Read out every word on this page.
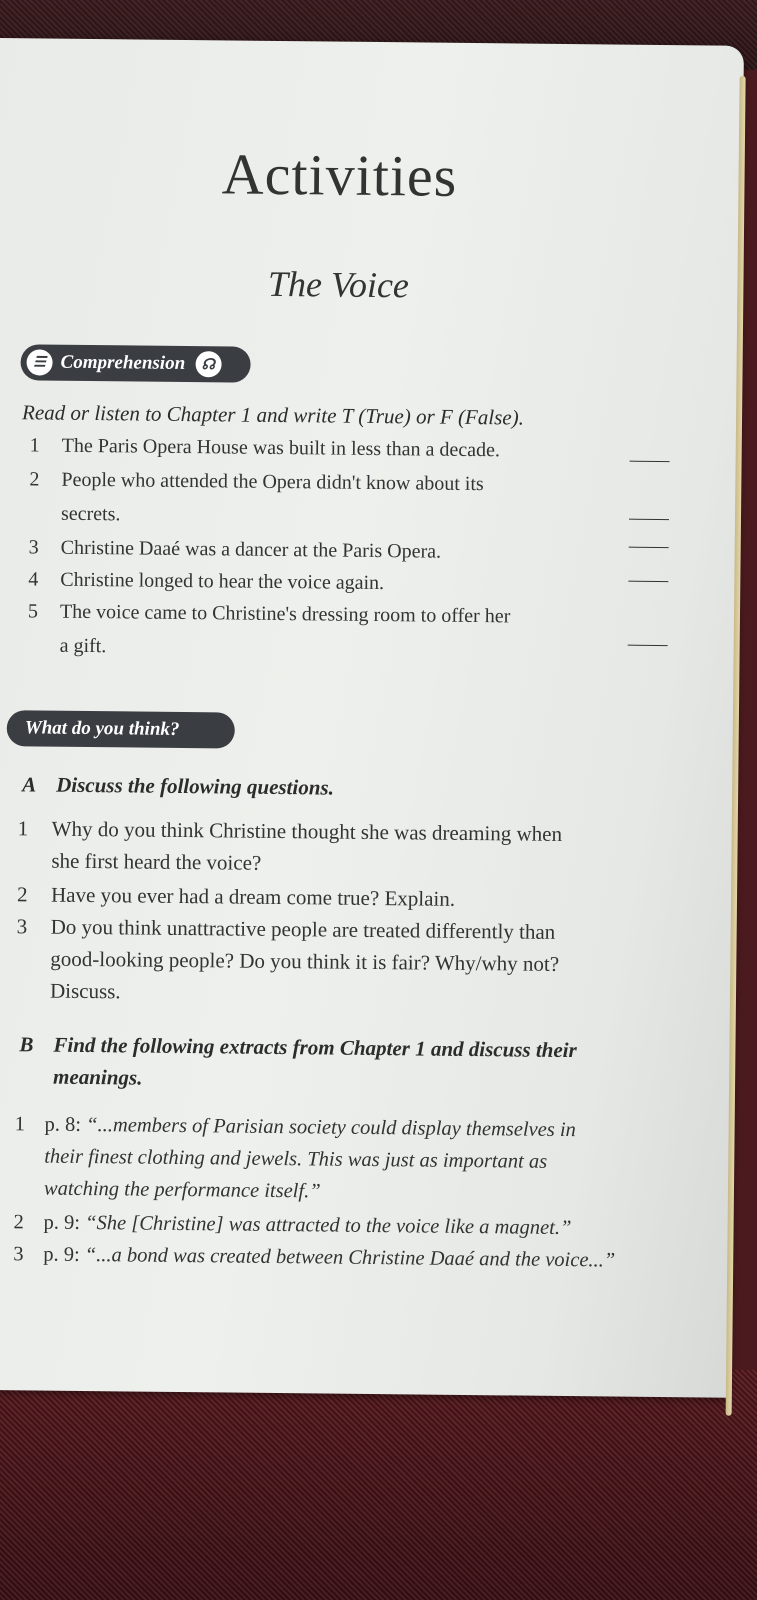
Activities
The Voice
☰ Comprehension	☊
Read or listen to Chapter 1 and write T (True) or F (False).
1 The Paris Opera House was built in less than a decade.
2 People who attended the Opera didn't know about its
secrets.
3 Christine Daaé was a dancer at the Paris Opera.
4 Christine longed to hear the voice again.
5 The voice came to Christine's dressing room to offer her
a gift.
What do you think?
A Discuss the following questions.
1 Why do you think Christine thought she was dreaming when
she first heard the voice?
2 Have you ever had a dream come true? Explain.
3 Do you think unattractive people are treated differently than
good-looking people? Do you think it is fair? Why/why not?
Discuss.
B Find the following extracts from Chapter 1 and discuss their
meanings.
1 p. 8: “...members of Parisian society could display themselves in
their finest clothing and jewels. This was just as important as
watching the performance itself.”
2 p. 9: “She [Christine] was attracted to the voice like a magnet.”
3 p. 9: “...a bond was created between Christine Daaé and the voice...”
